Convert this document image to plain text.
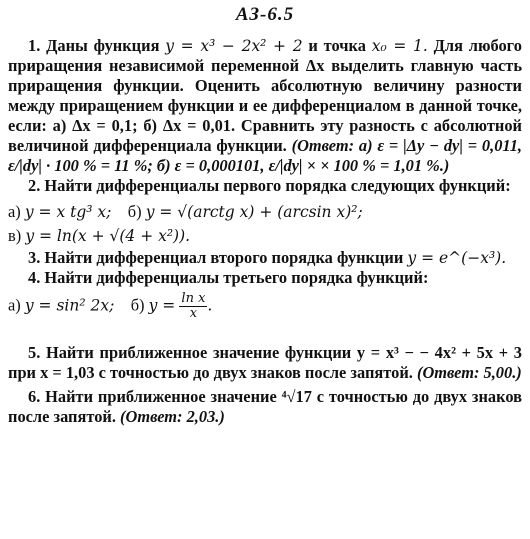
АЗ-6.5

1. Даны функция y = x³ − 2x² + 2 и точка x₀ = 1. Для любого приращения независимой переменной Δx выделить главную часть приращения функции. Оценить абсолютную величину разности между приращением функции и ее дифференциалом в данной точке, если: а) Δx = 0,1; б) Δx = 0,01. Сравнить эту разность с абсолютной величиной дифференциала функции. (Ответ: а) ε = |Δy − dy| = 0,011, ε/|dy| · 100 % = 11 %; б) ε = 0,000101, ε/|dy| × × 100 % = 1,01 %.)

2. Найти дифференциалы первого порядка следующих функций:

а) y = x tg³ x; б) y = √(arctg x) + (arcsin x)²;
в) y = ln(x + √(4 + x²)).

3. Найти дифференциал второго порядка функции y = e^(−x³).

4. Найти дифференциалы третьего порядка функций:

а) y = sin² 2x; б) $y = \frac{\text{ln x}}{x}$ .

5. Найти приближенное значение функции y = x³ − − 4x² + 5x + 3 при x = 1,03 с точностью до двух знаков после запятой. (Ответ: 5,00.)

6. Найти приближенное значение ⁴√17 с точностью до двух знаков после запятой. (Ответ: 2,03.)
